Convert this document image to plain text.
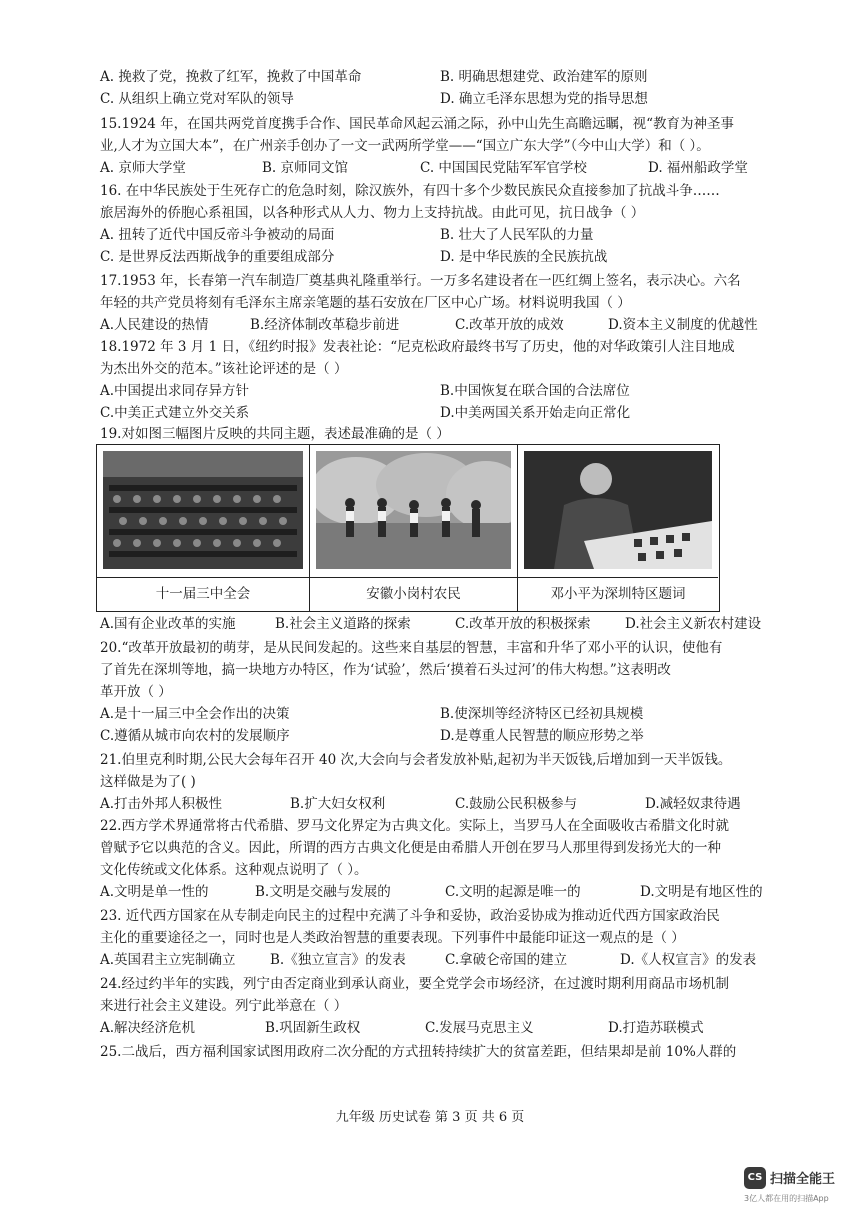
A. 挽救了党，挽救了红军，挽救了中国革命	B. 明确思想建党、政治建军的原则
C. 从组织上确立党对军队的领导	D. 确立毛泽东思想为党的指导思想
15.1924 年，在国共两党首度携手合作、国民革命风起云涌之际，孙中山先生高瞻远瞩，视“教育为神圣事
业,人才为立国大本”，在广州亲手创办了一文一武两所学堂——“国立广东大学”（今中山大学）和（ ）。
A. 京师大学堂	B. 京师同文馆	C. 中国国民党陆军军官学校	D. 福州船政学堂
16. 在中华民族处于生死存亡的危急时刻，除汉族外，有四十多个少数民族民众直接参加了抗战斗争……
旅居海外的侨胞心系祖国，以各种形式从人力、物力上支持抗战。由此可见，抗日战争（ ）
A. 扭转了近代中国反帝斗争被动的局面	B. 壮大了人民军队的力量
C. 是世界反法西斯战争的重要组成部分	D. 是中华民族的全民族抗战
17.1953 年，长春第一汽车制造厂奠基典礼隆重举行。一万多名建设者在一匹红绸上签名，表示决心。六名
年轻的共产党员将刻有毛泽东主席亲笔题的基石安放在厂区中心广场。材料说明我国（ ）
A.人民建设的热情	B.经济体制改革稳步前进	C.改革开放的成效	D.资本主义制度的优越性
18.1972 年 3 月 1 日，《纽约时报》发表社论：“尼克松政府最终书写了历史，他的对华政策引人注目地成
为杰出外交的范本。”该社论评述的是（ ）
A.中国提出求同存异方针	B.中国恢复在联合国的合法席位
C.中美正式建立外交关系	D.中美两国关系开始走向正常化
19.对如图三幅图片反映的共同主题，表述最准确的是（ ）
十一届三中全会	安徽小岗村农民	邓小平为深圳特区题词
A.国有企业改革的实施	B.社会主义道路的探索	C.改革开放的积极探索	D.社会主义新农村建设
20.“改革开放最初的萌芽，是从民间发起的。这些来自基层的智慧，丰富和升华了邓小平的认识，使他有
了首先在深圳等地，搞一块地方办特区，作为‘试验’，然后‘摸着石头过河’的伟大构想。”这表明改
革开放（ ）
A.是十一届三中全会作出的决策	B.使深圳等经济特区已经初具规模
C.遵循从城市向农村的发展顺序	D.是尊重人民智慧的顺应形势之举
21.伯里克利时期,公民大会每年召开 40 次,大会向与会者发放补贴,起初为半天饭钱,后增加到一天半饭钱。
这样做是为了( )
A.打击外邦人积极性	B.扩大妇女权利	C.鼓励公民积极参与	D.减轻奴隶待遇
22.西方学术界通常将古代希腊、罗马文化界定为古典文化。实际上，当罗马人在全面吸收古希腊文化时就
曾赋予它以典范的含义。因此，所谓的西方古典文化便是由希腊人开创在罗马人那里得到发扬光大的一种
文化传统或文化体系。这种观点说明了（ ）。
A.文明是单一性的	B.文明是交融与发展的	C.文明的起源是唯一的	D.文明是有地区性的
23. 近代西方国家在从专制走向民主的过程中充满了斗争和妥协，政治妥协成为推动近代西方国家政治民
主化的重要途径之一，同时也是人类政治智慧的重要表现。下列事件中最能印证这一观点的是（ ）
A.英国君主立宪制确立	B.《独立宣言》的发表	C.拿破仑帝国的建立	D.《人权宣言》的发表
24.经过约半年的实践，列宁由否定商业到承认商业，要全党学会市场经济，在过渡时期利用商品市场机制
来进行社会主义建设。列宁此举意在（ ）
A.解决经济危机	B.巩固新生政权	C.发展马克思主义	D.打造苏联模式
25.二战后，西方福利国家试图用政府二次分配的方式扭转持续扩大的贫富差距，但结果却是前 10%人群的
九年级 历史试卷 第 3 页 共 6 页
CS 扫描全能王
3亿人都在用的扫描App
